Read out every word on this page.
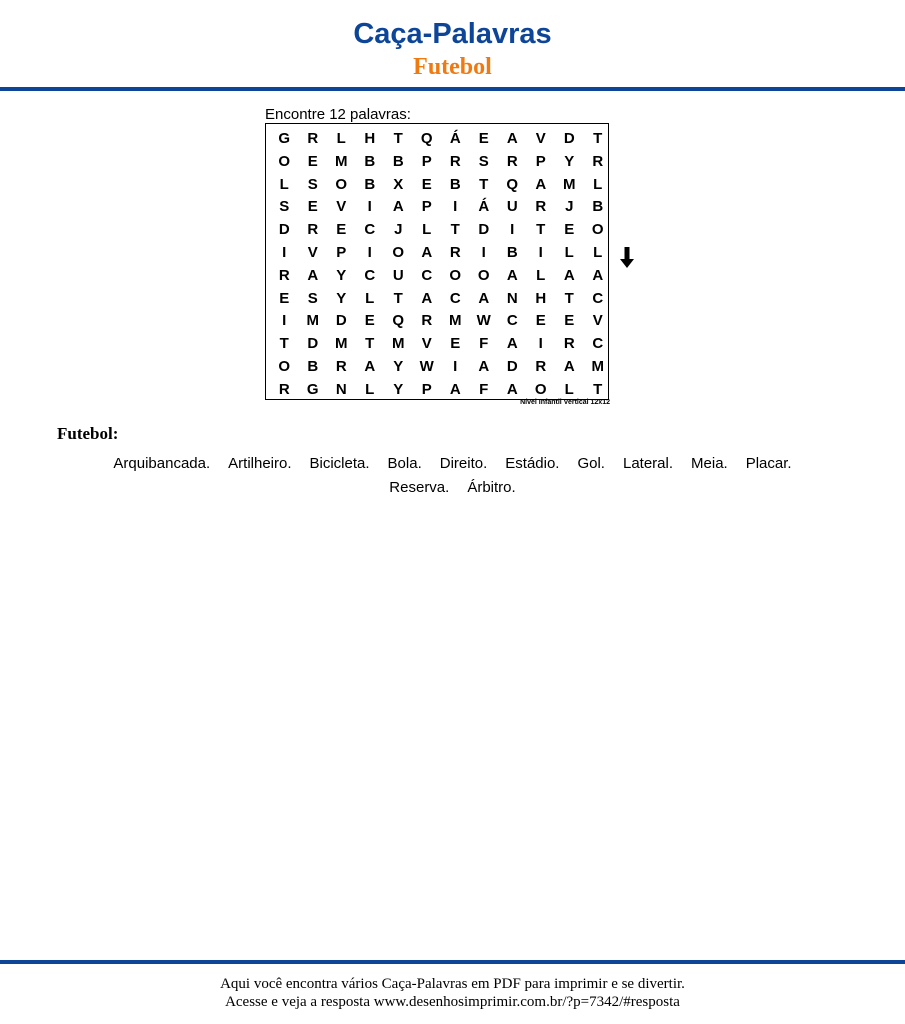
Caça-Palavras
Futebol
Encontre 12 palavras:
G	R	L	H	T	Q	Á	E	A	V	D	T
O	E	M	B	B	P	R	S	R	P	Y	R
L	S	O	B	X	E	B	T	Q	A	M	L
S	E	V	I	A	P	I	Á	U	R	J	B
D	R	E	C	J	L	T	D	I	T	E	O
I	V	P	I	O	A	R	I	B	I	L	L
R	A	Y	C	U	C	O	O	A	L	A	A
E	S	Y	L	T	A	C	A	N	H	T	C
I	M	D	E	Q	R	M	W	C	E	E	V
T	D	M	T	M	V	E	F	A	I	R	C
O	B	R	A	Y	W	I	A	D	R	A	M
R	G	N	L	Y	P	A	F	A	O	L	T
Nível Infantil Vertical 12x12
Futebol:
Arquibancada. Artilheiro. Bicicleta. Bola. Direito. Estádio. Gol. Lateral. Meia. Placar.
Reserva. Árbitro.
Aqui você encontra vários Caça-Palavras em PDF para imprimir e se divertir.
Acesse e veja a resposta www.desenhosimprimir.com.br/?p=7342/#resposta
